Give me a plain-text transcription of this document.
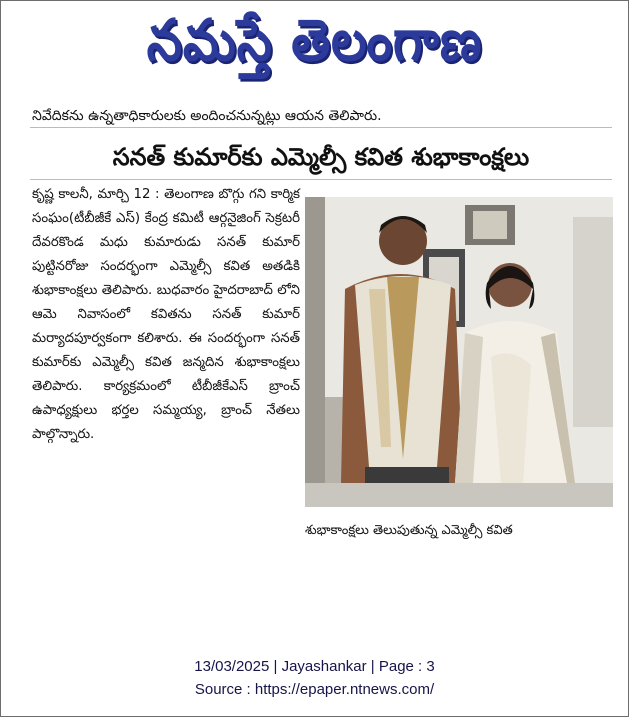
నమస్తే తెలంగాణ
నివేదికను ఉన్నతాధికారులకు అందించనున్నట్లు ఆయన తెలిపారు.
సనత్ కుమార్‌కు ఎమ్మెల్సీ కవిత శుభాకాంక్షలు
కృష్ణ కాలనీ, మార్చి 12 : తెలంగాణ బొగ్గు గని కార్మిక సంఘం(టీబీజీకే ఎస్) కేంద్ర కమిటీ ఆర్గనైజింగ్ సెక్రటరీ దేవరకొండ మధు కుమారుడు సనత్ కుమార్ పుట్టినరోజు సందర్భంగా ఎమ్మెల్సీ కవిత అతడికి శుభాకాంక్షలు తెలిపారు. బుధవారం హైదరాబాద్ లోని ఆమె నివాసంలో కవితను సనత్ కుమార్ మర్యాదపూర్వకంగా కలిశారు. ఈ సందర్భంగా సనత్ కుమార్‌కు ఎమ్మెల్సీ కవిత జన్మదిన శుభాకాంక్షలు తెలిపారు. కార్యక్రమంలో టీబీజీకేఎస్ బ్రాంచ్ ఉపాధ్యక్షులు భర్తల సమ్మయ్య, బ్రాంచ్ నేతలు పాల్గొన్నారు.
శుభాకాంక్షలు తెలుపుతున్న ఎమ్మెల్సీ కవిత
13/03/2025 | Jayashankar | Page : 3
Source : https://epaper.ntnews.com/
